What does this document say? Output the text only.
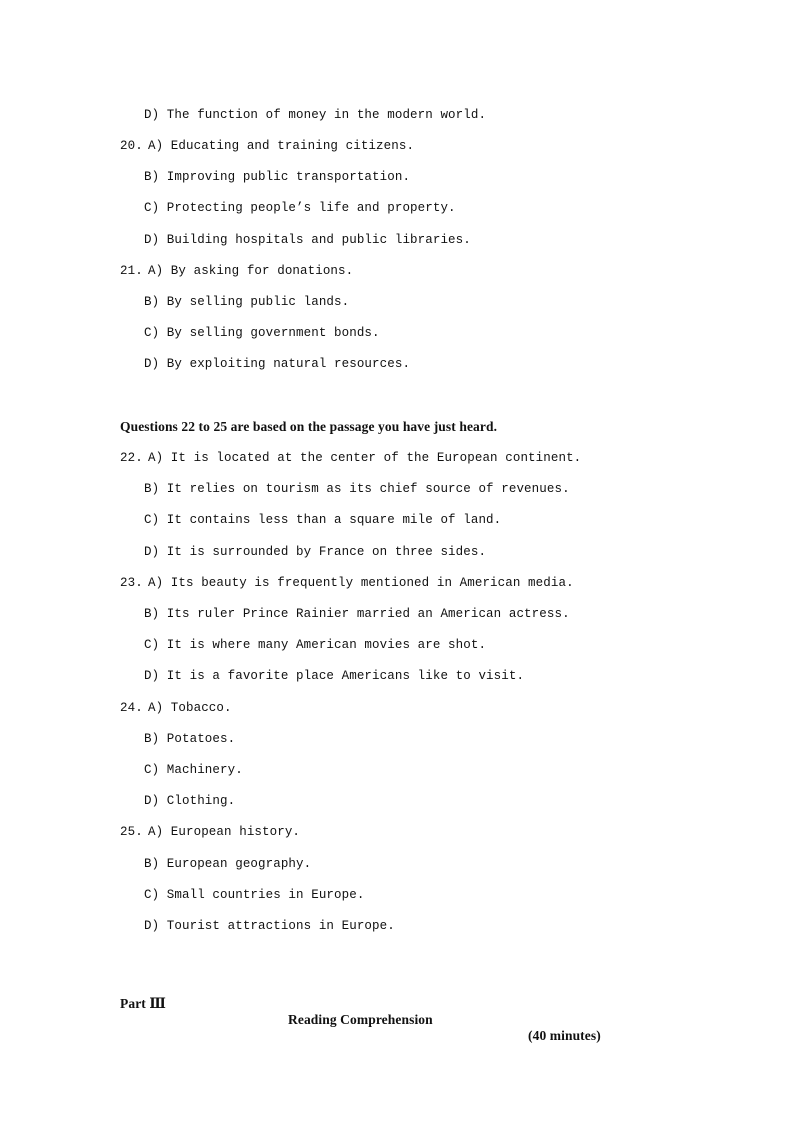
D) The function of money in the modern world.
20. A) Educating and training citizens.
B) Improving public transportation.
C) Protecting people’s life and property.
D) Building hospitals and public libraries.
21. A) By asking for donations.
B) By selling public lands.
C) By selling government bonds.
D) By exploiting natural resources.
Questions 22 to 25 are based on the passage you have just heard.
22. A) It is located at the center of the European continent.
B) It relies on tourism as its chief source of revenues.
C) It contains less than a square mile of land.
D) It is surrounded by France on three sides.
23. A) Its beauty is frequently mentioned in American media.
B) Its ruler Prince Rainier married an American actress.
C) It is where many American movies are shot.
D) It is a favorite place Americans like to visit.
24. A) Tobacco.
B) Potatoes.
C) Machinery.
D) Clothing.
25. A) European history.
B) European geography.
C) Small countries in Europe.
D) Tourist attractions in Europe.

Part Ⅲ

Reading Comprehension

(40 minutes)
